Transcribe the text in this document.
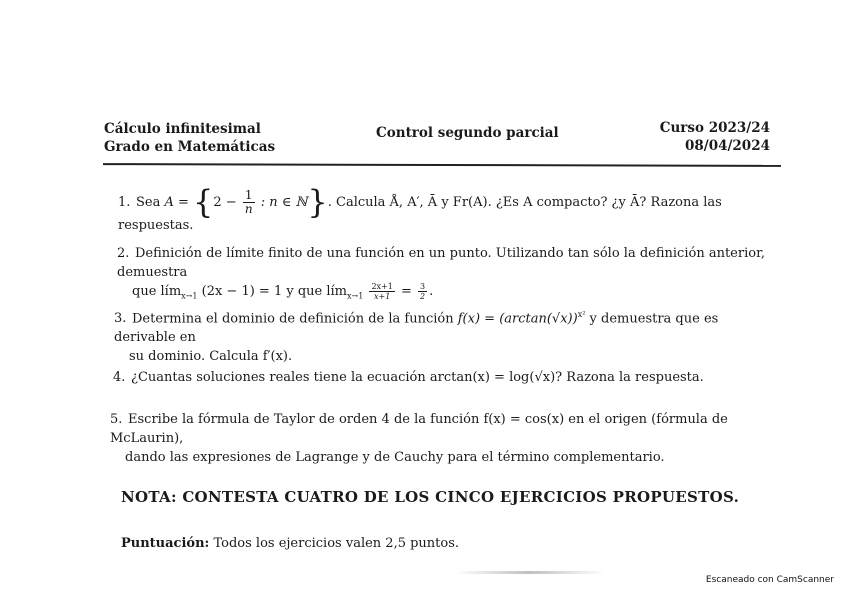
Cálculo infinitesimal
Grado en Matemáticas
Control segundo parcial	Curso 2023/24
08/04/2024
1. Sea $A = \{2 - \frac{1}{n}$ : n ∈ ℕ}. Calcula Å, A′, Ā y Fr(A). ¿Es A compacto? ¿y Ā? Razona las respuestas.
2. Definición de límite finito de una función en un punto. Utilizando tan sólo la definición anterior, demuestra
que lím$_{x\to 1}$ (2x − 1) = 1 y que lím$_{x\to 1}$ $\frac{2x+1}{x+1} = \frac{3}{2}$ .
3. Determina el dominio de definición de la función $f(x) = (\arctan(√x))^{x^2}$ y demuestra que es derivable en
su dominio. Calcula f′(x).
4. ¿Cuantas soluciones reales tiene la ecuación arctan(x) = log(√x)? Razona la respuesta.
5. Escribe la fórmula de Taylor de orden 4 de la función f(x) = cos(x) en el origen (fórmula de McLaurin),
dando las expresiones de Lagrange y de Cauchy para el término complementario.
NOTA: CONTESTA CUATRO DE LOS CINCO EJERCICIOS PROPUESTOS.
Puntuación: Todos los ejercicios valen 2,5 puntos.
Escaneado con CamScanner
